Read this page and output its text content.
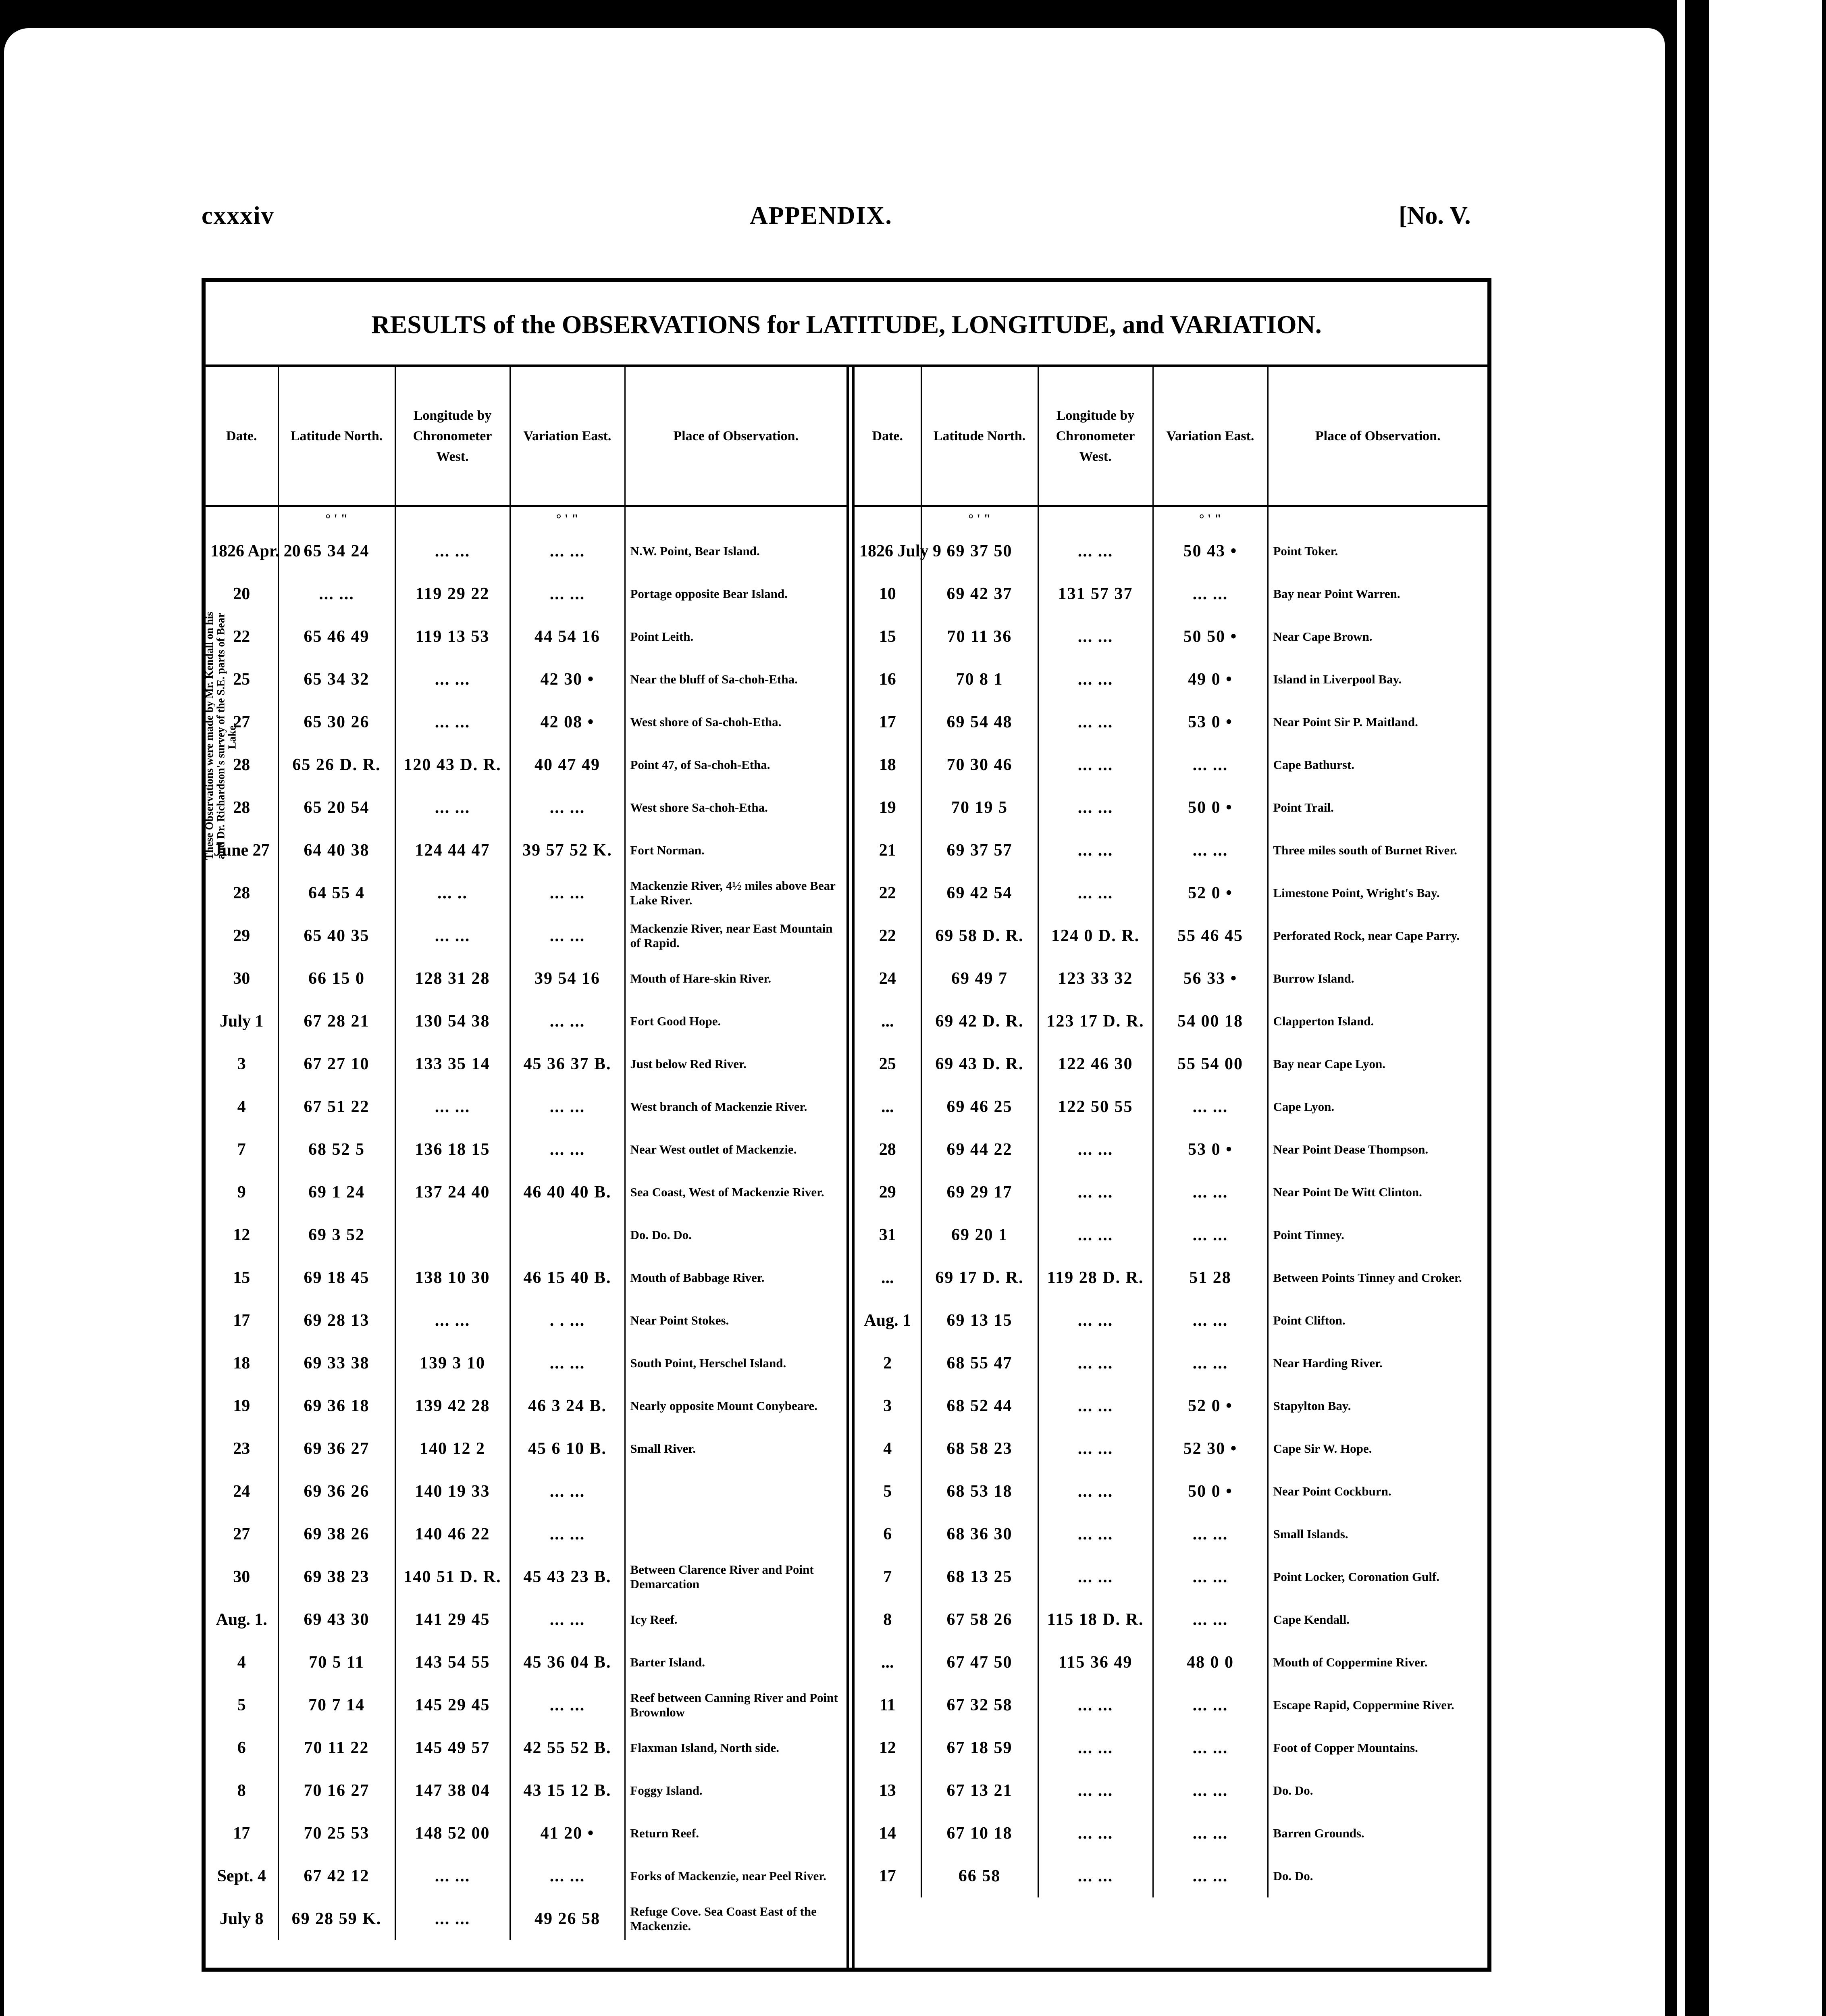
cxxxiv	APPENDIX.	[No. V.
RESULTS of the OBSERVATIONS for LATITUDE, LONGITUDE, and VARIATION.
Date.	Latitude North.	Longitude by Chronometer West.	Variation East.	Place of Observation.
	° ' "		° ' "	
1826 Apr. 20	65 34 24	... ...	... ...	N.W. Point, Bear Island.
20	... ...	119 29 22	... ...	Portage opposite Bear Island.
22	65 46 49	119 13 53	44 54 16	Point Leith.
25	65 34 32	... ...	42 30 •	Near the bluff of Sa-choh-Etha.
27	65 30 26	... ...	42 08 •	West shore of Sa-choh-Etha.
28	65 26 D. R.	120 43 D. R.	40 47 49	Point 47, of Sa-choh-Etha.
28	65 20 54	... ...	... ...	West shore Sa-choh-Etha.
June 27	64 40 38	124 44 47	39 57 52 K.	Fort Norman.
28	64 55 4	... ..	... ...	Mackenzie River, 4½ miles above Bear Lake River.
29	65 40 35	... ...	... ...	Mackenzie River, near East Mountain of Rapid.
30	66 15 0	128 31 28	39 54 16	Mouth of Hare-skin River.
July 1	67 28 21	130 54 38	... ...	Fort Good Hope.
3	67 27 10	133 35 14	45 36 37 B.	Just below Red River.
4	67 51 22	... ...	... ...	West branch of Mackenzie River.
7	68 52 5	136 18 15	... ...	Near West outlet of Mackenzie.
9	69 1 24	137 24 40	46 40 40 B.	Sea Coast, West of Mackenzie River.
12	69 3 52			Do. Do. Do.
15	69 18 45	138 10 30	46 15 40 B.	Mouth of Babbage River.
17	69 28 13	... ...	. . ...	Near Point Stokes.
18	69 33 38	139 3 10	... ...	South Point, Herschel Island.
19	69 36 18	139 42 28	46 3 24 B.	Nearly opposite Mount Conybeare.
23	69 36 27	140 12 2	45 6 10 B.	Small River.
24	69 36 26	140 19 33	... ...	
27	69 38 26	140 46 22	... ...	
30	69 38 23	140 51 D. R.	45 43 23 B.	Between Clarence River and Point Demarcation
Aug. 1.	69 43 30	141 29 45	... ...	Icy Reef.
4	70 5 11	143 54 55	45 36 04 B.	Barter Island.
5	70 7 14	145 29 45	... ...	Reef between Canning River and Point Brownlow
6	70 11 22	145 49 57	42 55 52 B.	Flaxman Island, North side.
8	70 16 27	147 38 04	43 15 12 B.	Foggy Island.
17	70 25 53	148 52 00	41 20 •	Return Reef.
Sept. 4	67 42 12	... ...	... ...	Forks of Mackenzie, near Peel River.
July 8	69 28 59 K.	... ...	49 26 58	Refuge Cove. Sea Coast East of the Mackenzie.
Date.	Latitude North.	Longitude by Chronometer West.	Variation East.	Place of Observation.
	° ' "		° ' "	
1826 July 9	69 37 50	... ...	50 43 •	Point Toker.
10	69 42 37	131 57 37	... ...	Bay near Point Warren.
15	70 11 36	... ...	50 50 •	Near Cape Brown.
16	70 8 1	... ...	49 0 •	Island in Liverpool Bay.
17	69 54 48	... ...	53 0 •	Near Point Sir P. Maitland.
18	70 30 46	... ...	... ...	Cape Bathurst.
19	70 19 5	... ...	50 0 •	Point Trail.
21	69 37 57	... ...	... ...	Three miles south of Burnet River.
22	69 42 54	... ...	52 0 •	Limestone Point, Wright's Bay.
22	69 58 D. R.	124 0 D. R.	55 46 45	Perforated Rock, near Cape Parry.
24	69 49 7	123 33 32	56 33 •	Burrow Island.
...	69 42 D. R.	123 17 D. R.	54 00 18	Clapperton Island.
25	69 43 D. R.	122 46 30	55 54 00	Bay near Cape Lyon.
...	69 46 25	122 50 55	... ...	Cape Lyon.
28	69 44 22	... ...	53 0 •	Near Point Dease Thompson.
29	69 29 17	... ...	... ...	Near Point De Witt Clinton.
31	69 20 1	... ...	... ...	Point Tinney.
...	69 17 D. R.	119 28 D. R.	51 28	Between Points Tinney and Croker.
Aug. 1	69 13 15	... ...	... ...	Point Clifton.
2	68 55 47	... ...	... ...	Near Harding River.
3	68 52 44	... ...	52 0 •	Stapylton Bay.
4	68 58 23	... ...	52 30 •	Cape Sir W. Hope.
5	68 53 18	... ...	50 0 •	Near Point Cockburn.
6	68 36 30	... ...	... ...	Small Islands.
7	68 13 25	... ...	... ...	Point Locker, Coronation Gulf.
8	67 58 26	115 18 D. R.	... ...	Cape Kendall.
...	67 47 50	115 36 49	48 0 0	Mouth of Coppermine River.
11	67 32 58	... ...	... ...	Escape Rapid, Coppermine River.
12	67 18 59	... ...	... ...	Foot of Copper Mountains.
13	67 13 21	... ...	... ...	Do. Do.
14	67 10 18	... ...	... ...	Barren Grounds.
17	66 58	... ...	... ...	Do. Do.
These Observations were made by Mr. Kendall on his and Dr. Richardson's survey of the S.E. parts of Bear Lake.
